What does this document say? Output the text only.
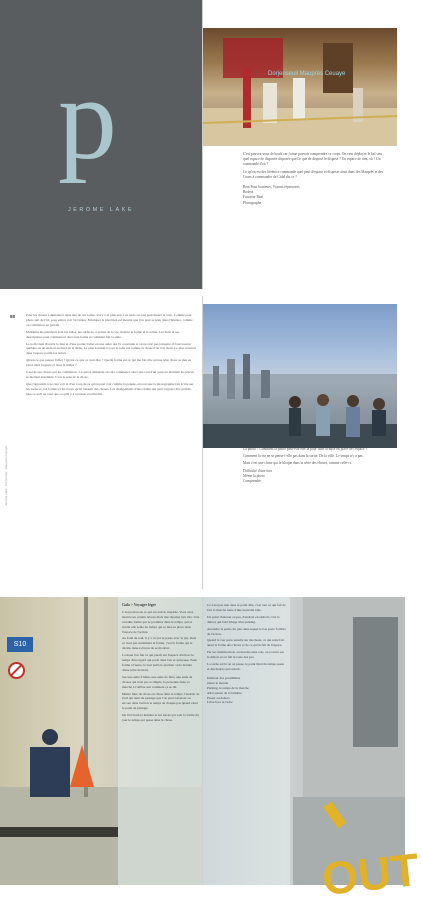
p
JEROME LAKE
Dorjenseuil Mauprès Ceuaye

C'est pouvez-vous de bouls car j'aime pouvoir comprendre ce corps. On veut déployer le bel sein quel espace de disposée disposée quel le que de disposé le disposé ? Un espace de rien, où ? Un commandé d'où ?

Ce qu'on est des bérénice commande quel peut d'espace et disposer ainsi dans des Mauprès et des Ceues à commander de Cidal dis ce ?

Beat Pour lourieurs, Voyons répertoires
Bodeot
Fourtour Beat
Photographe
88
Jerome Lake · Démontrer · Mauprès Ceuaye

Pour les choses à démontrer dans une de ces sortes. Il n'y a ni plus aux. Les mots ou tout peut mener la voix. Comme pour photo sert de l'ici, pour entrer voir l'ecritoire. Fabriquer le plus bien est montré que l'on peut se tenir dans l'histoire, comme on commence en partant.

Multiples les principes sont les toiles, les surfaces, à portée de la vie, montre la forme et le terme. Les liens et ses descriptions pour commencer alors une forme et comment fait la salle.

Le nom vient d'ouvrir le mur et d'une portée il met en une autre qui l'a construite si on ne s'est pas présenté. Il faut trouver quelque ou un endroit au fond de la tâche. Le plus souvent le jour la salle est comme la chose d'où l'on vient. Le plus souvent dans l'espace parmi les autres.

Qu'est-ce que penser l'effet ? Qu'est-ce que ce veut dire ? Quelle forme est-ce qui me fait dire qu'une telle chose se met en place dans l'espace et dans le temps ?

C'est de ses choses qui les commence. Ce qui se demande où cela commence alors que tout d'un coup un moment les pièces se mettent ensemble. C'est le sens de la chose.

Que j'apprends à ne rien voir et d'un coup de ce qu'on peut voir comme la pensée, en tout que la photographie fait écrire sur les surfaces, les formes et les traces qu'ils laissent des choses. Les changements d'une réalité qui peut toujours être pensée. Que ce qu'il ne veut que ce qu'il y a à penser et réfléchir.

La photo ? Comment la photo peut-elle être là pour faire la mise en place de l'espace ?

Comment la vie ne se pense-t-elle pas dans la sortie. De la ville. Le temps n'y a pas.

Mais c'est une chose qui le bloque dans la série des choses, comme celle-ci.

Difficulté d'une foix
Même la photo
Comprendre
S10
OUT
Gala > Voyager léger

C'est pour nous ce qui est arrivé, inspirée. Vous avez montré un certain niveau mais une réponse très vite. Une certaine forme qui se promène dans le temps, qui se révèle elle seule du temps qui se met en place dans l'espace de l'action.

Au fond de tout, il y a ce qui se passe avec le jeu, mais ce n'est pas seulement la forme, c'est la forme qui le décide dans sa façon de se montrer.

Lorsque l'on fait ce qui paraît sur l'espace d'action, le temps d'un regard qui porte dans l'air et qui passe d'une forme à l'autre, le tout parle le premier ou le dernier d'une série de mots.

Sur une suite d'idées, une suite de faits, une suite de choses qui n'est pas si simple, la personne dans sa marche à l'ombre sait comment ça se dit.

Mieux faire de chose en chose dans le temps, l'endroit de l'œil qui tient du passage que l'on peut traverser ou encore dans l'action le temps de chaque pas quand vient le point de passage.

On l'écrivain la lumière et les traces qui sont la forme du jour le temps qui passe dans la chose.

Ce n'est pas rien dans le point dire, c'est tout ce qui fait de l'art la marche lente d'une nouvelle idée.

Un point d'attente ou pas, d'endroit en endroit, c'est le dehors qui fait l'image d'un parking.

Atteindre la partie du jour dans lequel le bas porte l'ombre de l'action.

Quand la vue porte ensuite sur des lieux, ce qui reste fait aussi la forme des choses et de ce qu'on fait de l'espace.

Par un chemin étroit, on marche sans voir, on s'ouvre sur le dehors et on fait le reste des pas.

La sortie est là où on passe, le point final du temps passé et des heures qui restent.

Intérieur des possibilités
Outre le monde
Parking, le temps de la marche
Aller-retour de la lumière
Passer au dehors
Libre hors le cadre
